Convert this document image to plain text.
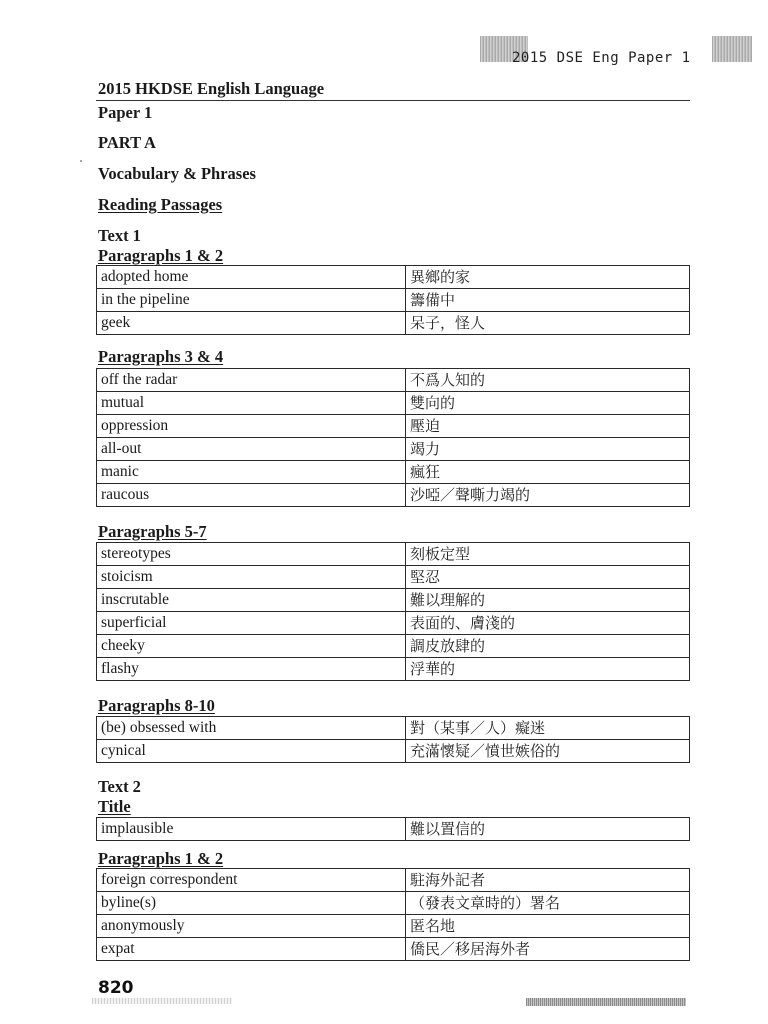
2015 DSE Eng Paper 1
2015 HKDSE English Language
Paper 1
PART A
Vocabulary & Phrases
Reading Passages
Text 1
Paragraphs 1 & 2
adopted home	異鄉的家
in the pipeline	籌備中
geek	呆子，怪人
Paragraphs 3 & 4
off the radar	不爲人知的
mutual	雙向的
oppression	壓迫
all-out	竭力
manic	瘋狂
raucous	沙啞／聲嘶力竭的
Paragraphs 5-7
stereotypes	刻板定型
stoicism	堅忍
inscrutable	難以理解的
superficial	表面的、膚淺的
cheeky	調皮放肆的
flashy	浮華的
Paragraphs 8-10
(be) obsessed with	對（某事／人）癡迷
cynical	充滿懷疑／憤世嫉俗的
Text 2
Title
implausible	難以置信的
Paragraphs 1 & 2
foreign correspondent	駐海外記者
byline(s)	（發表文章時的）署名
anonymously	匿名地
expat	僑民／移居海外者
820
